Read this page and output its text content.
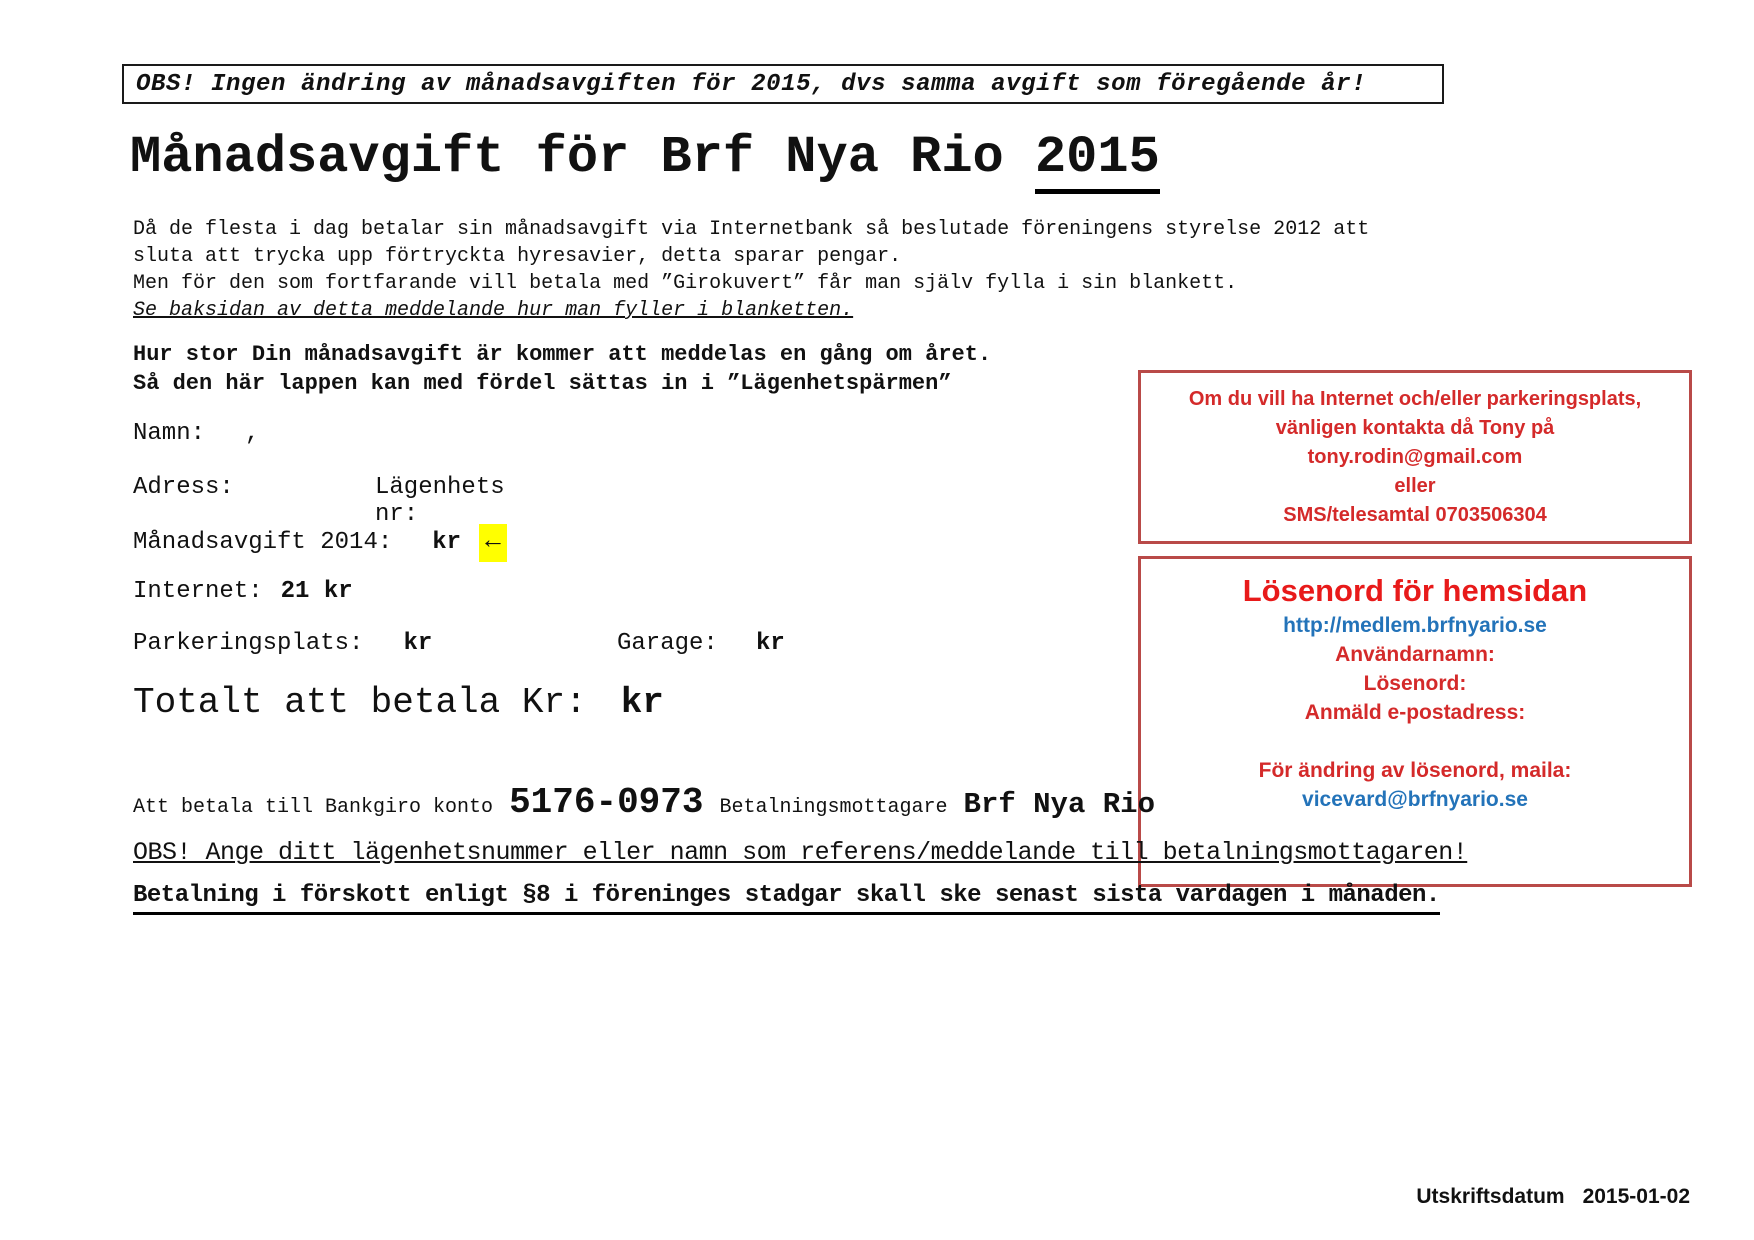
OBS! Ingen ändring av månadsavgiften för 2015, dvs samma avgift som föregående år!
Månadsavgift för Brf Nya Rio 2015
Då de flesta i dag betalar sin månadsavgift via Internetbank så beslutade föreningens styrelse 2012 att
sluta att trycka upp förtryckta hyresavier, detta sparar pengar.
Men för den som fortfarande vill betala med ”Girokuvert” får man själv fylla i sin blankett.
Se baksidan av detta meddelande hur man fyller i blanketten.
Hur stor Din månadsavgift är kommer att meddelas en gång om året.
Så den här lappen kan med fördel sättas in i ”Lägenhetspärmen”
Namn: ,
Adress:	Lägenhets nr:
Månadsavgift 2014: kr ←
Internet: 21 kr
Parkeringsplats: kr	Garage: kr
Totalt att betala Kr: kr
Om du vill ha Internet och/eller parkeringsplats,
vänligen kontakta då Tony på
tony.rodin@gmail.com
eller
SMS/telesamtal 0703506304
Lösenord för hemsidan
http://medlem.brfnyario.se
Användarnamn:
Lösenord:
Anmäld e-postadress:
För ändring av lösenord, maila:
vicevard@brfnyario.se
Att betala till Bankgiro konto 5176-0973 Betalningsmottagare Brf Nya Rio
OBS! Ange ditt lägenhetsnummer eller namn som referens/meddelande till betalningsmottagaren!
Betalning i förskott enligt §8 i föreninges stadgar skall ske senast sista vardagen i månaden.
Utskriftsdatum 2015-01-02
